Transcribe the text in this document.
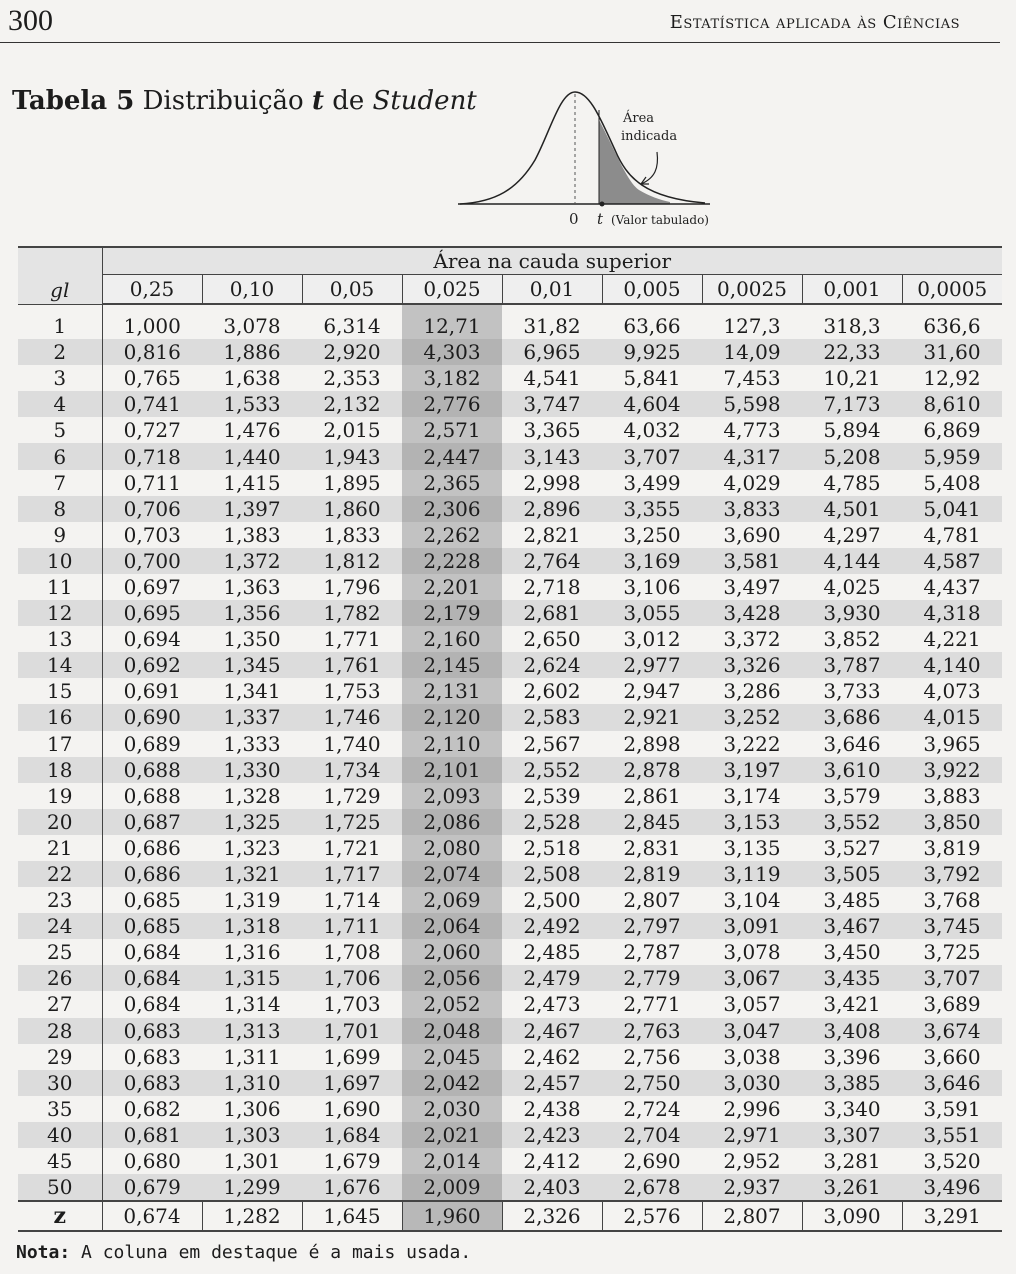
300	Estatística aplicada às Ciências
Tabela 5 Distribuição t de Student
Área
indicada
0 t (Valor tabulado)
gl	Área na cauda superior								
	0,25	0,10	0,05	0,025	0,01	0,005	0,0025	0,001	0,0005
1	1,000	3,078	6,314	12,71	31,82	63,66	127,3	318,3	636,6
2	0,816	1,886	2,920	4,303	6,965	9,925	14,09	22,33	31,60
3	0,765	1,638	2,353	3,182	4,541	5,841	7,453	10,21	12,92
4	0,741	1,533	2,132	2,776	3,747	4,604	5,598	7,173	8,610
5	0,727	1,476	2,015	2,571	3,365	4,032	4,773	5,894	6,869
6	0,718	1,440	1,943	2,447	3,143	3,707	4,317	5,208	5,959
7	0,711	1,415	1,895	2,365	2,998	3,499	4,029	4,785	5,408
8	0,706	1,397	1,860	2,306	2,896	3,355	3,833	4,501	5,041
9	0,703	1,383	1,833	2,262	2,821	3,250	3,690	4,297	4,781
10	0,700	1,372	1,812	2,228	2,764	3,169	3,581	4,144	4,587
11	0,697	1,363	1,796	2,201	2,718	3,106	3,497	4,025	4,437
12	0,695	1,356	1,782	2,179	2,681	3,055	3,428	3,930	4,318
13	0,694	1,350	1,771	2,160	2,650	3,012	3,372	3,852	4,221
14	0,692	1,345	1,761	2,145	2,624	2,977	3,326	3,787	4,140
15	0,691	1,341	1,753	2,131	2,602	2,947	3,286	3,733	4,073
16	0,690	1,337	1,746	2,120	2,583	2,921	3,252	3,686	4,015
17	0,689	1,333	1,740	2,110	2,567	2,898	3,222	3,646	3,965
18	0,688	1,330	1,734	2,101	2,552	2,878	3,197	3,610	3,922
19	0,688	1,328	1,729	2,093	2,539	2,861	3,174	3,579	3,883
20	0,687	1,325	1,725	2,086	2,528	2,845	3,153	3,552	3,850
21	0,686	1,323	1,721	2,080	2,518	2,831	3,135	3,527	3,819
22	0,686	1,321	1,717	2,074	2,508	2,819	3,119	3,505	3,792
23	0,685	1,319	1,714	2,069	2,500	2,807	3,104	3,485	3,768
24	0,685	1,318	1,711	2,064	2,492	2,797	3,091	3,467	3,745
25	0,684	1,316	1,708	2,060	2,485	2,787	3,078	3,450	3,725
26	0,684	1,315	1,706	2,056	2,479	2,779	3,067	3,435	3,707
27	0,684	1,314	1,703	2,052	2,473	2,771	3,057	3,421	3,689
28	0,683	1,313	1,701	2,048	2,467	2,763	3,047	3,408	3,674
29	0,683	1,311	1,699	2,045	2,462	2,756	3,038	3,396	3,660
30	0,683	1,310	1,697	2,042	2,457	2,750	3,030	3,385	3,646
35	0,682	1,306	1,690	2,030	2,438	2,724	2,996	3,340	3,591
40	0,681	1,303	1,684	2,021	2,423	2,704	2,971	3,307	3,551
45	0,680	1,301	1,679	2,014	2,412	2,690	2,952	3,281	3,520
50	0,679	1,299	1,676	2,009	2,403	2,678	2,937	3,261	3,496
z	0,674	1,282	1,645	1,960	2,326	2,576	2,807	3,090	3,291
Nota: A coluna em destaque é a mais usada.
